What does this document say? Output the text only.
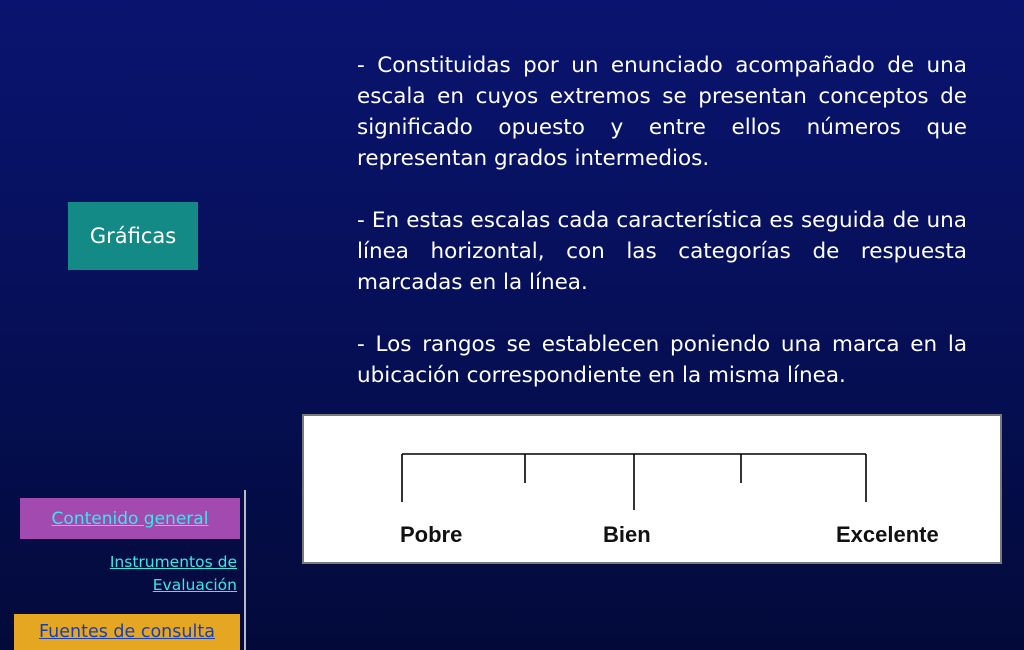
Gráficas

- Constituidas por un enunciado acompañado de una escala en cuyos extremos se presentan conceptos de significado opuesto y entre ellos números que representan grados intermedios.

- En estas escalas cada característica es seguida de una línea horizontal, con las categorías de respuesta marcadas en la línea.

- Los rangos se establecen poniendo una marca en la ubicación correspondiente en la misma línea.

Pobre	Bien	Excelente
Contenido general
Instrumentos de
Evaluación
Fuentes de consulta
